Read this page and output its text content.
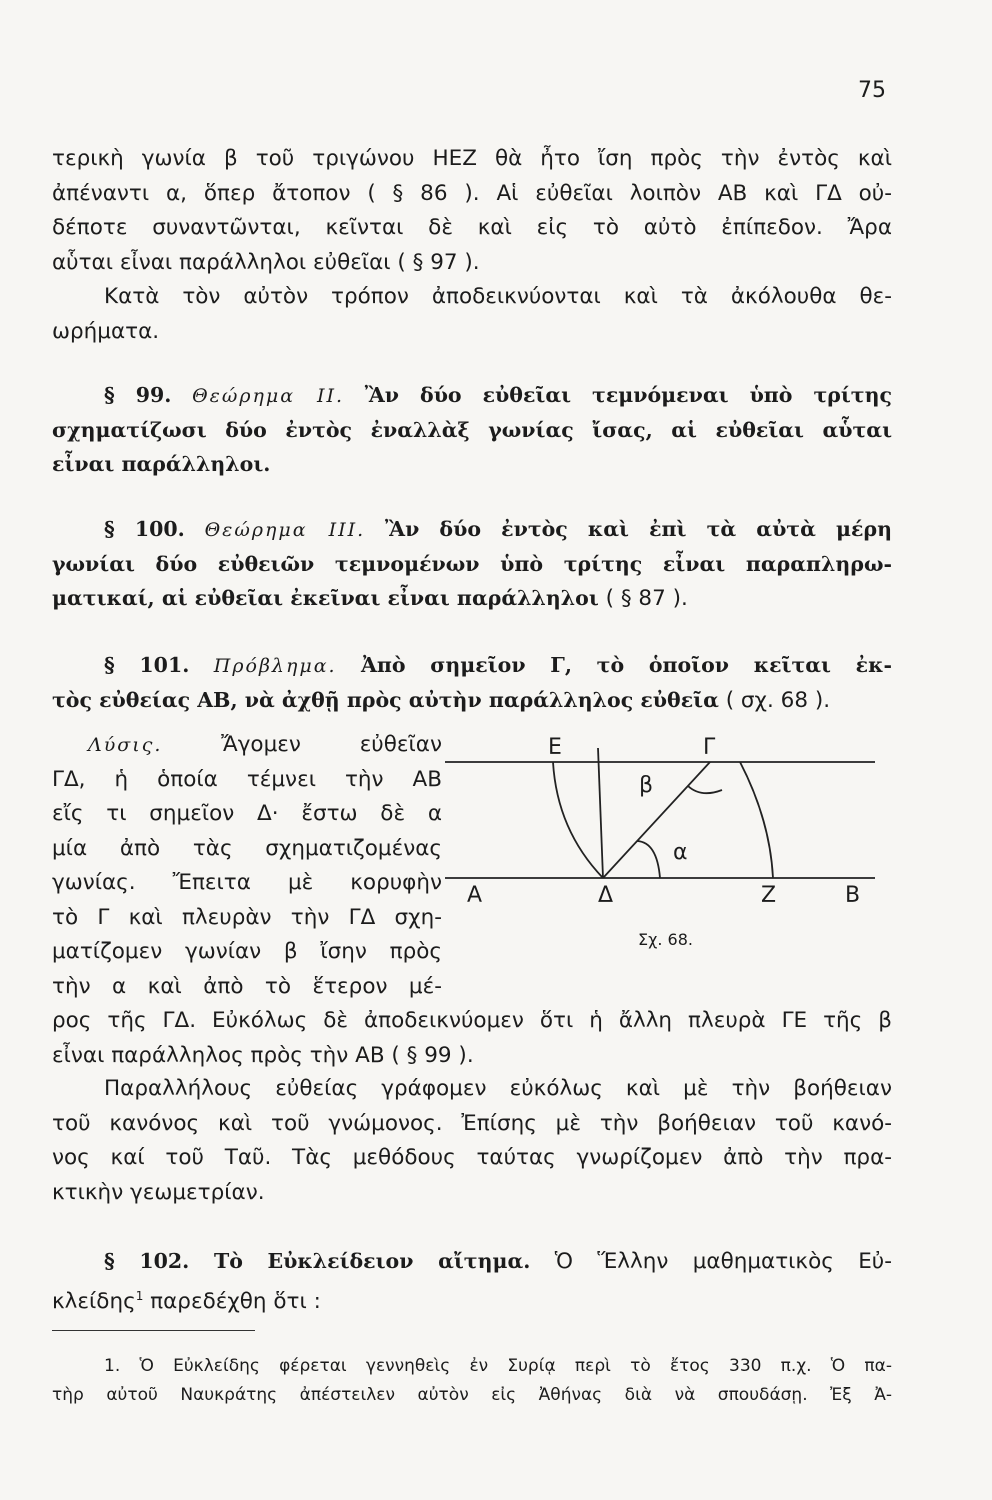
75
τερικὴ γωνία β τοῦ τριγώνου ΗΕΖ θὰ ἦτο ἴση πρὸς τὴν ἐντὸς καὶ
ἀπέναντι α, ὅπερ ἄτοπον ( § 86 ). Αἱ εὐθεῖαι λοιπὸν ΑΒ καὶ ΓΔ οὐ-
δέποτε συναντῶνται, κεῖνται δὲ καὶ εἰς τὸ αὐτὸ ἐπίπεδον. Ἄρα
αὗται εἶναι παράλληλοι εὐθεῖαι ( § 97 ).
Κατὰ τὸν αὐτὸν τρόπον ἀποδεικνύονται καὶ τὰ ἀκόλουθα θε-
ωρήματα.
§ 99. Θεώρημα ΙΙ. Ἂν δύο εὐθεῖαι τεμνόμεναι ὑπὸ τρίτης
σχηματίζωσι δύο ἐντὸς ἐναλλὰξ γωνίας ἴσας, αἱ εὐθεῖαι αὗται
εἶναι παράλληλοι.
§ 100. Θεώρημα ΙΙΙ. Ἂν δύο ἐντὸς καὶ ἐπὶ τὰ αὐτὰ μέρη
γωνίαι δύο εὐθειῶν τεμνομένων ὑπὸ τρίτης εἶναι παραπληρω-
ματικαί, αἱ εὐθεῖαι ἐκεῖναι εἶναι παράλληλοι ( § 87 ).
§ 101. Πρόβλημα. Ἀπὸ σημεῖον Γ, τὸ ὁποῖον κεῖται ἐκ-
τὸς εὐθείας ΑΒ, νὰ ἀχθῇ πρὸς αὐτὴν παράλληλος εὐθεῖα ( σχ. 68 ).
Λύσις.	Ἄγομεν εὐθεῖαν
ΓΔ, ἡ ὁποία τέμνει τὴν ΑΒ
εἴς τι σημεῖον Δ· ἔστω δὲ α
μία ἀπὸ τὰς σχηματιζομένας
γωνίας. Ἔπειτα μὲ κορυφὴν
τὸ Γ καὶ πλευρὰν τὴν ΓΔ σχη-
ματίζομεν γωνίαν β ἴσην πρὸς
τὴν α καὶ ἀπὸ τὸ ἕτερον μέ-
Ε	Γ
β
α
Α	Δ	Ζ	Β
Σχ. 68.
ρος τῆς ΓΔ. Εὐκόλως δὲ ἀποδεικνύομεν ὅτι ἡ ἄλλη πλευρὰ ΓΕ τῆς β
εἶναι παράλληλος πρὸς τὴν ΑΒ ( § 99 ).
Παραλλήλους εὐθείας γράφομεν εὐκόλως καὶ μὲ τὴν βοήθειαν
τοῦ κανόνος καὶ τοῦ γνώμονος. Ἐπίσης μὲ τὴν βοήθειαν τοῦ κανό-
νος καί τοῦ Ταῦ. Τὰς μεθόδους ταύτας γνωρίζομεν ἀπὸ τὴν πρα-
κτικὴν γεωμετρίαν.
§ 102. Τὸ Εὐκλείδειον αἴτημα. Ὁ Ἕλλην μαθηματικὸς Εὐ-
κλείδης$^1$ παρεδέχθη ὅτι :
1. Ὁ Εὐκλείδης φέρεται γεννηθεὶς ἐν Συρίᾳ περὶ τὸ ἔτος 330 π.χ. Ὁ πα-
τὴρ αὐτοῦ Ναυκράτης ἀπέστειλεν αὐτὸν εἰς Ἀθήνας διὰ νὰ σπουδάσῃ. Ἐξ Ἀ-
